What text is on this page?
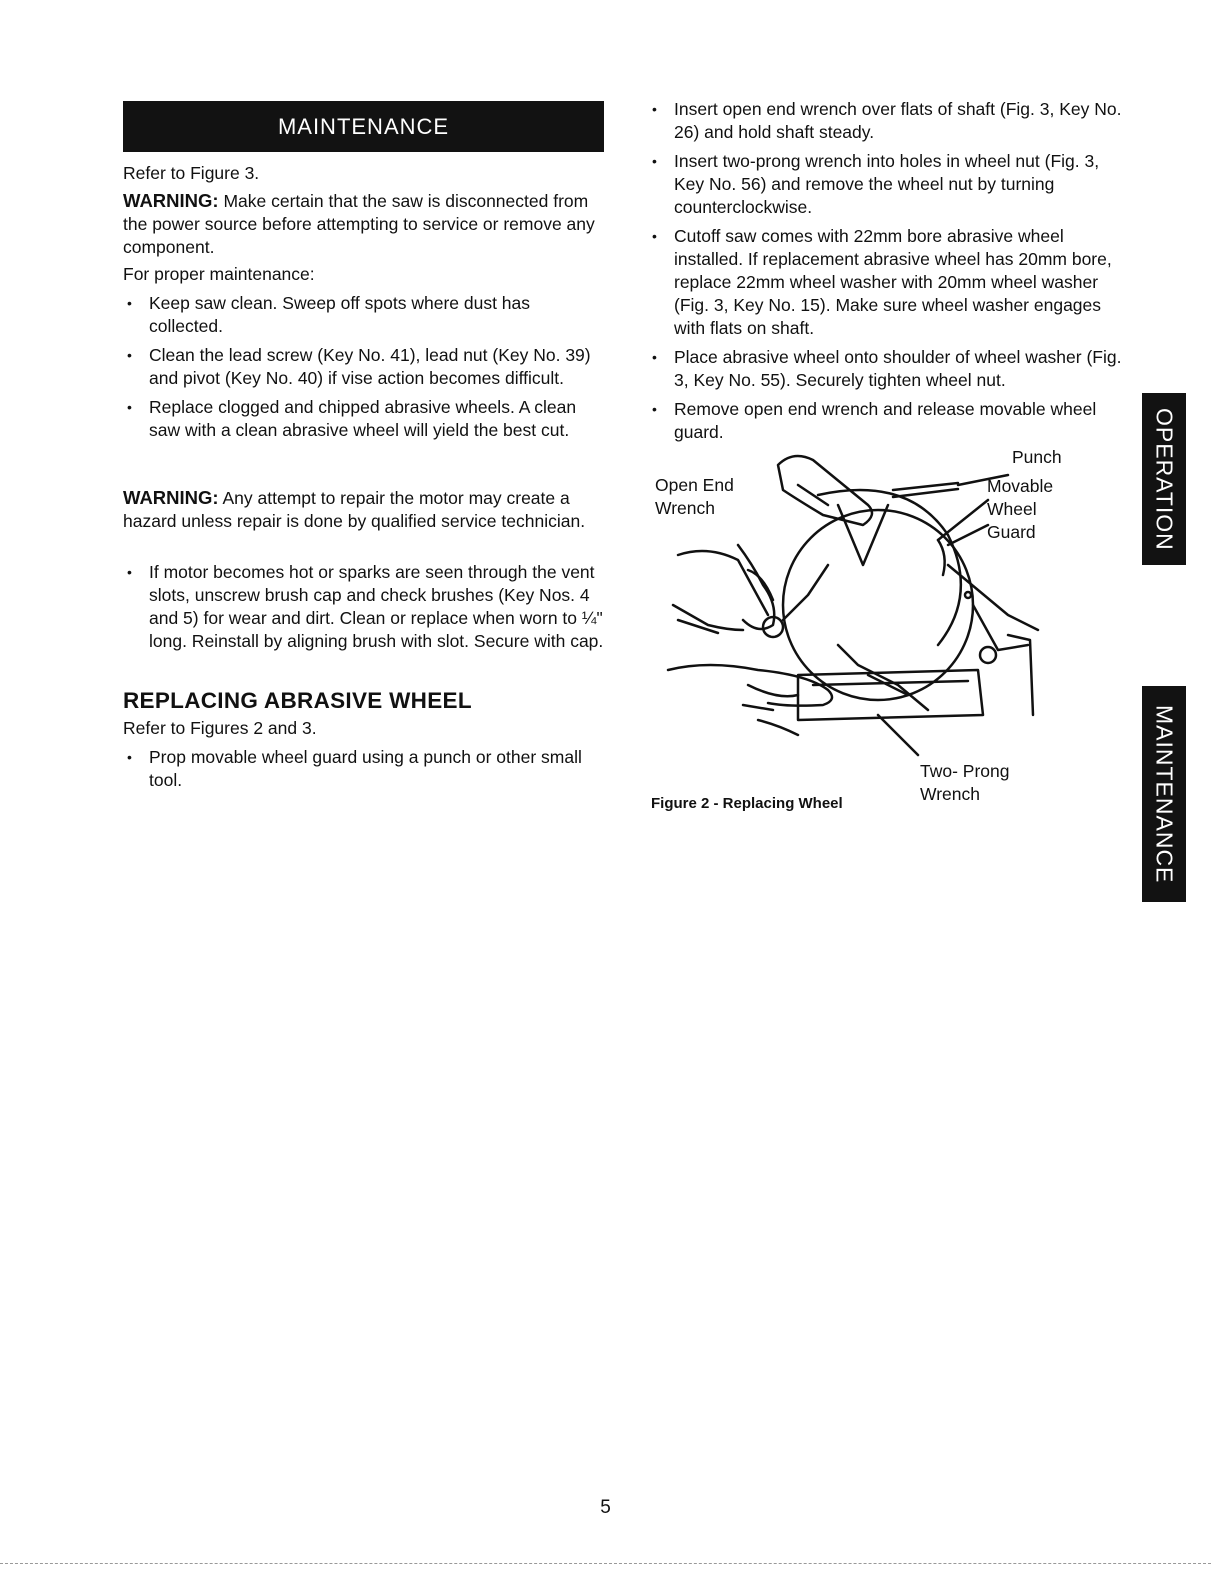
MAINTENANCE

Refer to Figure 3.

WARNING: Make certain that the saw is disconnected from the power source before attempting to service or remove any component.

For proper maintenance:

• Keep saw clean. Sweep off spots where dust has collected.
• Clean the lead screw (Key No. 41), lead nut (Key No. 39) and pivot (Key No. 40) if vise action becomes difficult.
• Replace clogged and chipped abrasive wheels. A clean saw with a clean abrasive wheel will yield the best cut.

WARNING: Any attempt to repair the motor may create a hazard unless repair is done by qualified service technician.

• If motor becomes hot or sparks are seen through the vent slots, unscrew brush cap and check brushes (Key Nos. 4 and 5) for wear and dirt. Clean or replace when worn to ¼" long. Reinstall by aligning brush with slot. Secure with cap.
REPLACING ABRASIVE WHEEL

Refer to Figures 2 and 3.

• Prop movable wheel guard using a punch or other small tool.
• Insert open end wrench over flats of shaft (Fig. 3, Key No. 26) and hold shaft steady.
• Insert two-prong wrench into holes in wheel nut (Fig. 3, Key No. 56) and remove the wheel nut by turning counterclockwise.
• Cutoff saw comes with 22mm bore abrasive wheel installed. If replacement abrasive wheel has 20mm bore, replace 22mm wheel washer with 20mm wheel washer (Fig. 3, Key No. 15). Make sure wheel washer engages with flats on shaft.
• Place abrasive wheel onto shoulder of wheel washer (Fig. 3, Key No. 55). Securely tighten wheel nut.
• Remove open end wrench and release movable wheel guard.
Punch
Open End
Wrench
Movable
Wheel
Guard
Two- Prong
Wrench
Figure 2 - Replacing Wheel
OPERATION
MAINTENANCE
5
